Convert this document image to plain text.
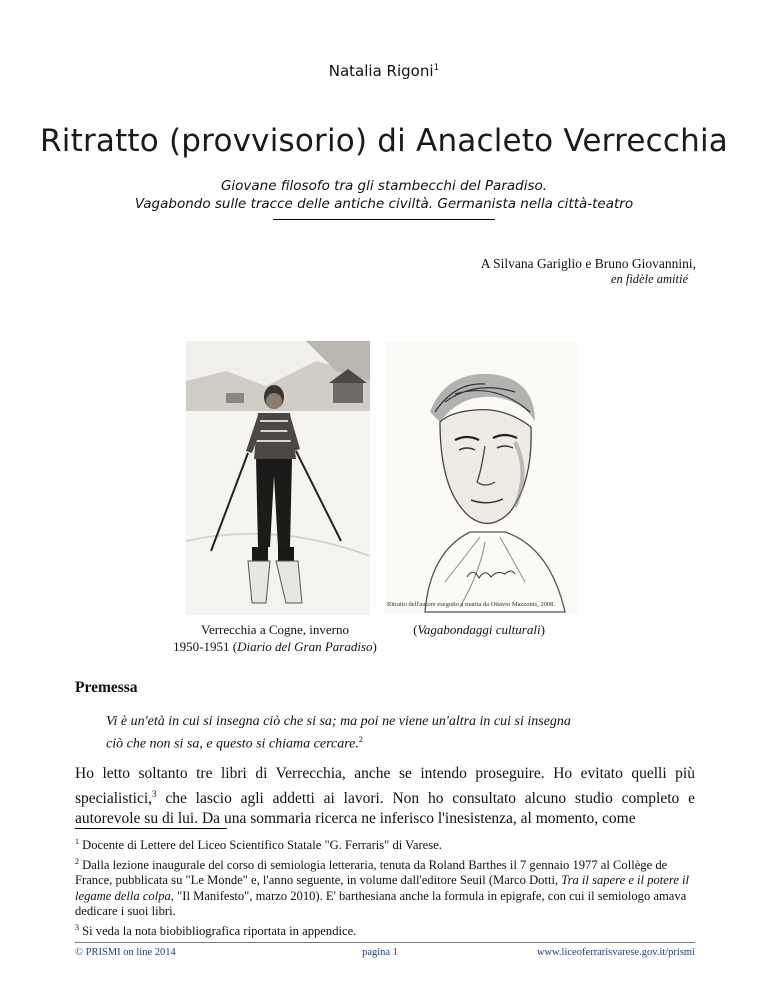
Natalia Rigoni$^1$
Ritratto (provvisorio) di Anacleto Verrecchia
Giovane filosofo tra gli stambecchi del Paradiso.
Vagabondo sulle tracce delle antiche civiltà. Germanista nella città-teatro
A Silvana Gariglio e Bruno Giovannini,
en fidèle amitié
Ritratto dell'autore eseguito a matita da Ottavio Mazzonis, 2008.
Verrecchia a Cogne, inverno
1950-1951 (Diario del Gran Paradiso)
(Vagabondaggi culturali)
Premessa
Vi è un'età in cui si insegna ciò che si sa; ma poi ne viene un'altra in cui si insegna
ciò che non si sa, e questo si chiama cercare.$^2$
Ho letto soltanto tre libri di Verrecchia, anche se intendo proseguire. Ho evitato quelli più specialistici,$^3$ che lascio agli addetti ai lavori. Non ho consultato alcuno studio completo e autorevole su di lui. Da una sommaria ricerca ne inferisco l'inesistenza, al momento, come

$^1$ Docente di Lettere del Liceo Scientifico Statale "G. Ferraris" di Varese.

$^2$ Dalla lezione inaugurale del corso di semiologia letteraria, tenuta da Roland Barthes il 7 gennaio 1977 al Collège de France, pubblicata su "Le Monde" e, l'anno seguente, in volume dall'editore Seuil (Marco Dotti, Tra il sapere e il potere il legame della colpa, "Il Manifesto", marzo 2010). E' barthesiana anche la formula in epigrafe, con cui il semiologo amava dedicare i suoi libri.

$^3$ Si veda la nota biobibliografica riportata in appendice.

© PRISMI on line 2014	pagina 1	www.liceoferrarisvarese.gov.it/prismi
